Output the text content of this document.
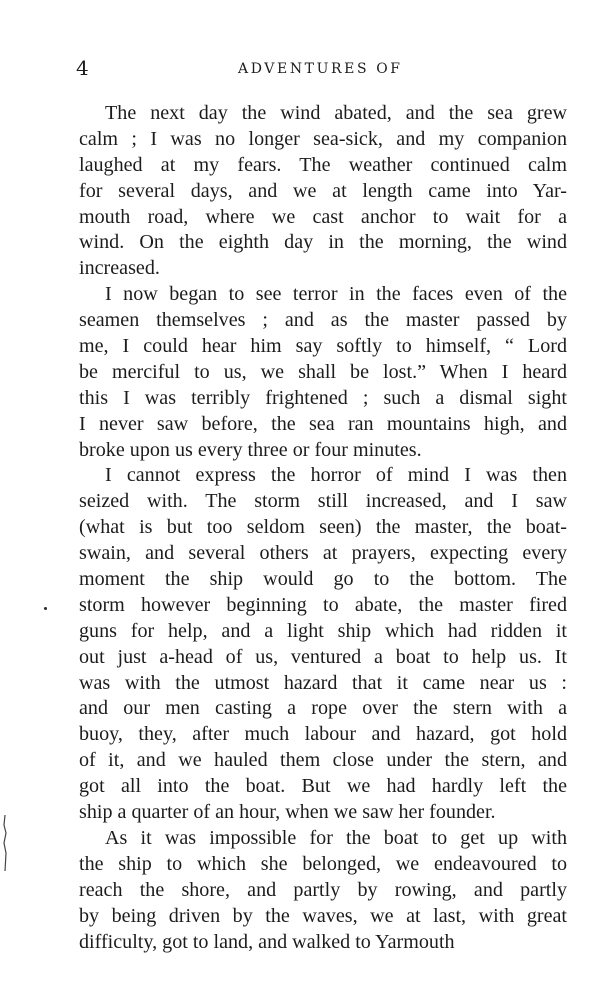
4	ADVENTURES OF

The next day the wind abated, and the sea grew
calm ; I was no longer sea-sick, and my companion
laughed at my fears. The weather continued calm
for several days, and we at length came into Yar-
mouth road, where we cast anchor to wait for a
wind. On the eighth day in the morning, the wind
increased.

I now began to see terror in the faces even of the
seamen themselves ; and as the master passed by
me, I could hear him say softly to himself, “ Lord
be merciful to us, we shall be lost.” When I heard
this I was terribly frightened ; such a dismal sight
I never saw before, the sea ran mountains high, and
broke upon us every three or four minutes.

I cannot express the horror of mind I was then
seized with. The storm still increased, and I saw
(what is but too seldom seen) the master, the boat-
swain, and several others at prayers, expecting every
moment the ship would go to the bottom. The
storm however beginning to abate, the master fired
guns for help, and a light ship which had ridden it
out just a-head of us, ventured a boat to help us. It
was with the utmost hazard that it came near us :
and our men casting a rope over the stern with a
buoy, they, after much labour and hazard, got hold
of it, and we hauled them close under the stern, and
got all into the boat. But we had hardly left the
ship a quarter of an hour, when we saw her founder.

As it was impossible for the boat to get up with
the ship to which she belonged, we endeavoured to
reach the shore, and partly by rowing, and partly
by being driven by the waves, we at last, with great
difficulty, got to land, and walked to Yarmouth
